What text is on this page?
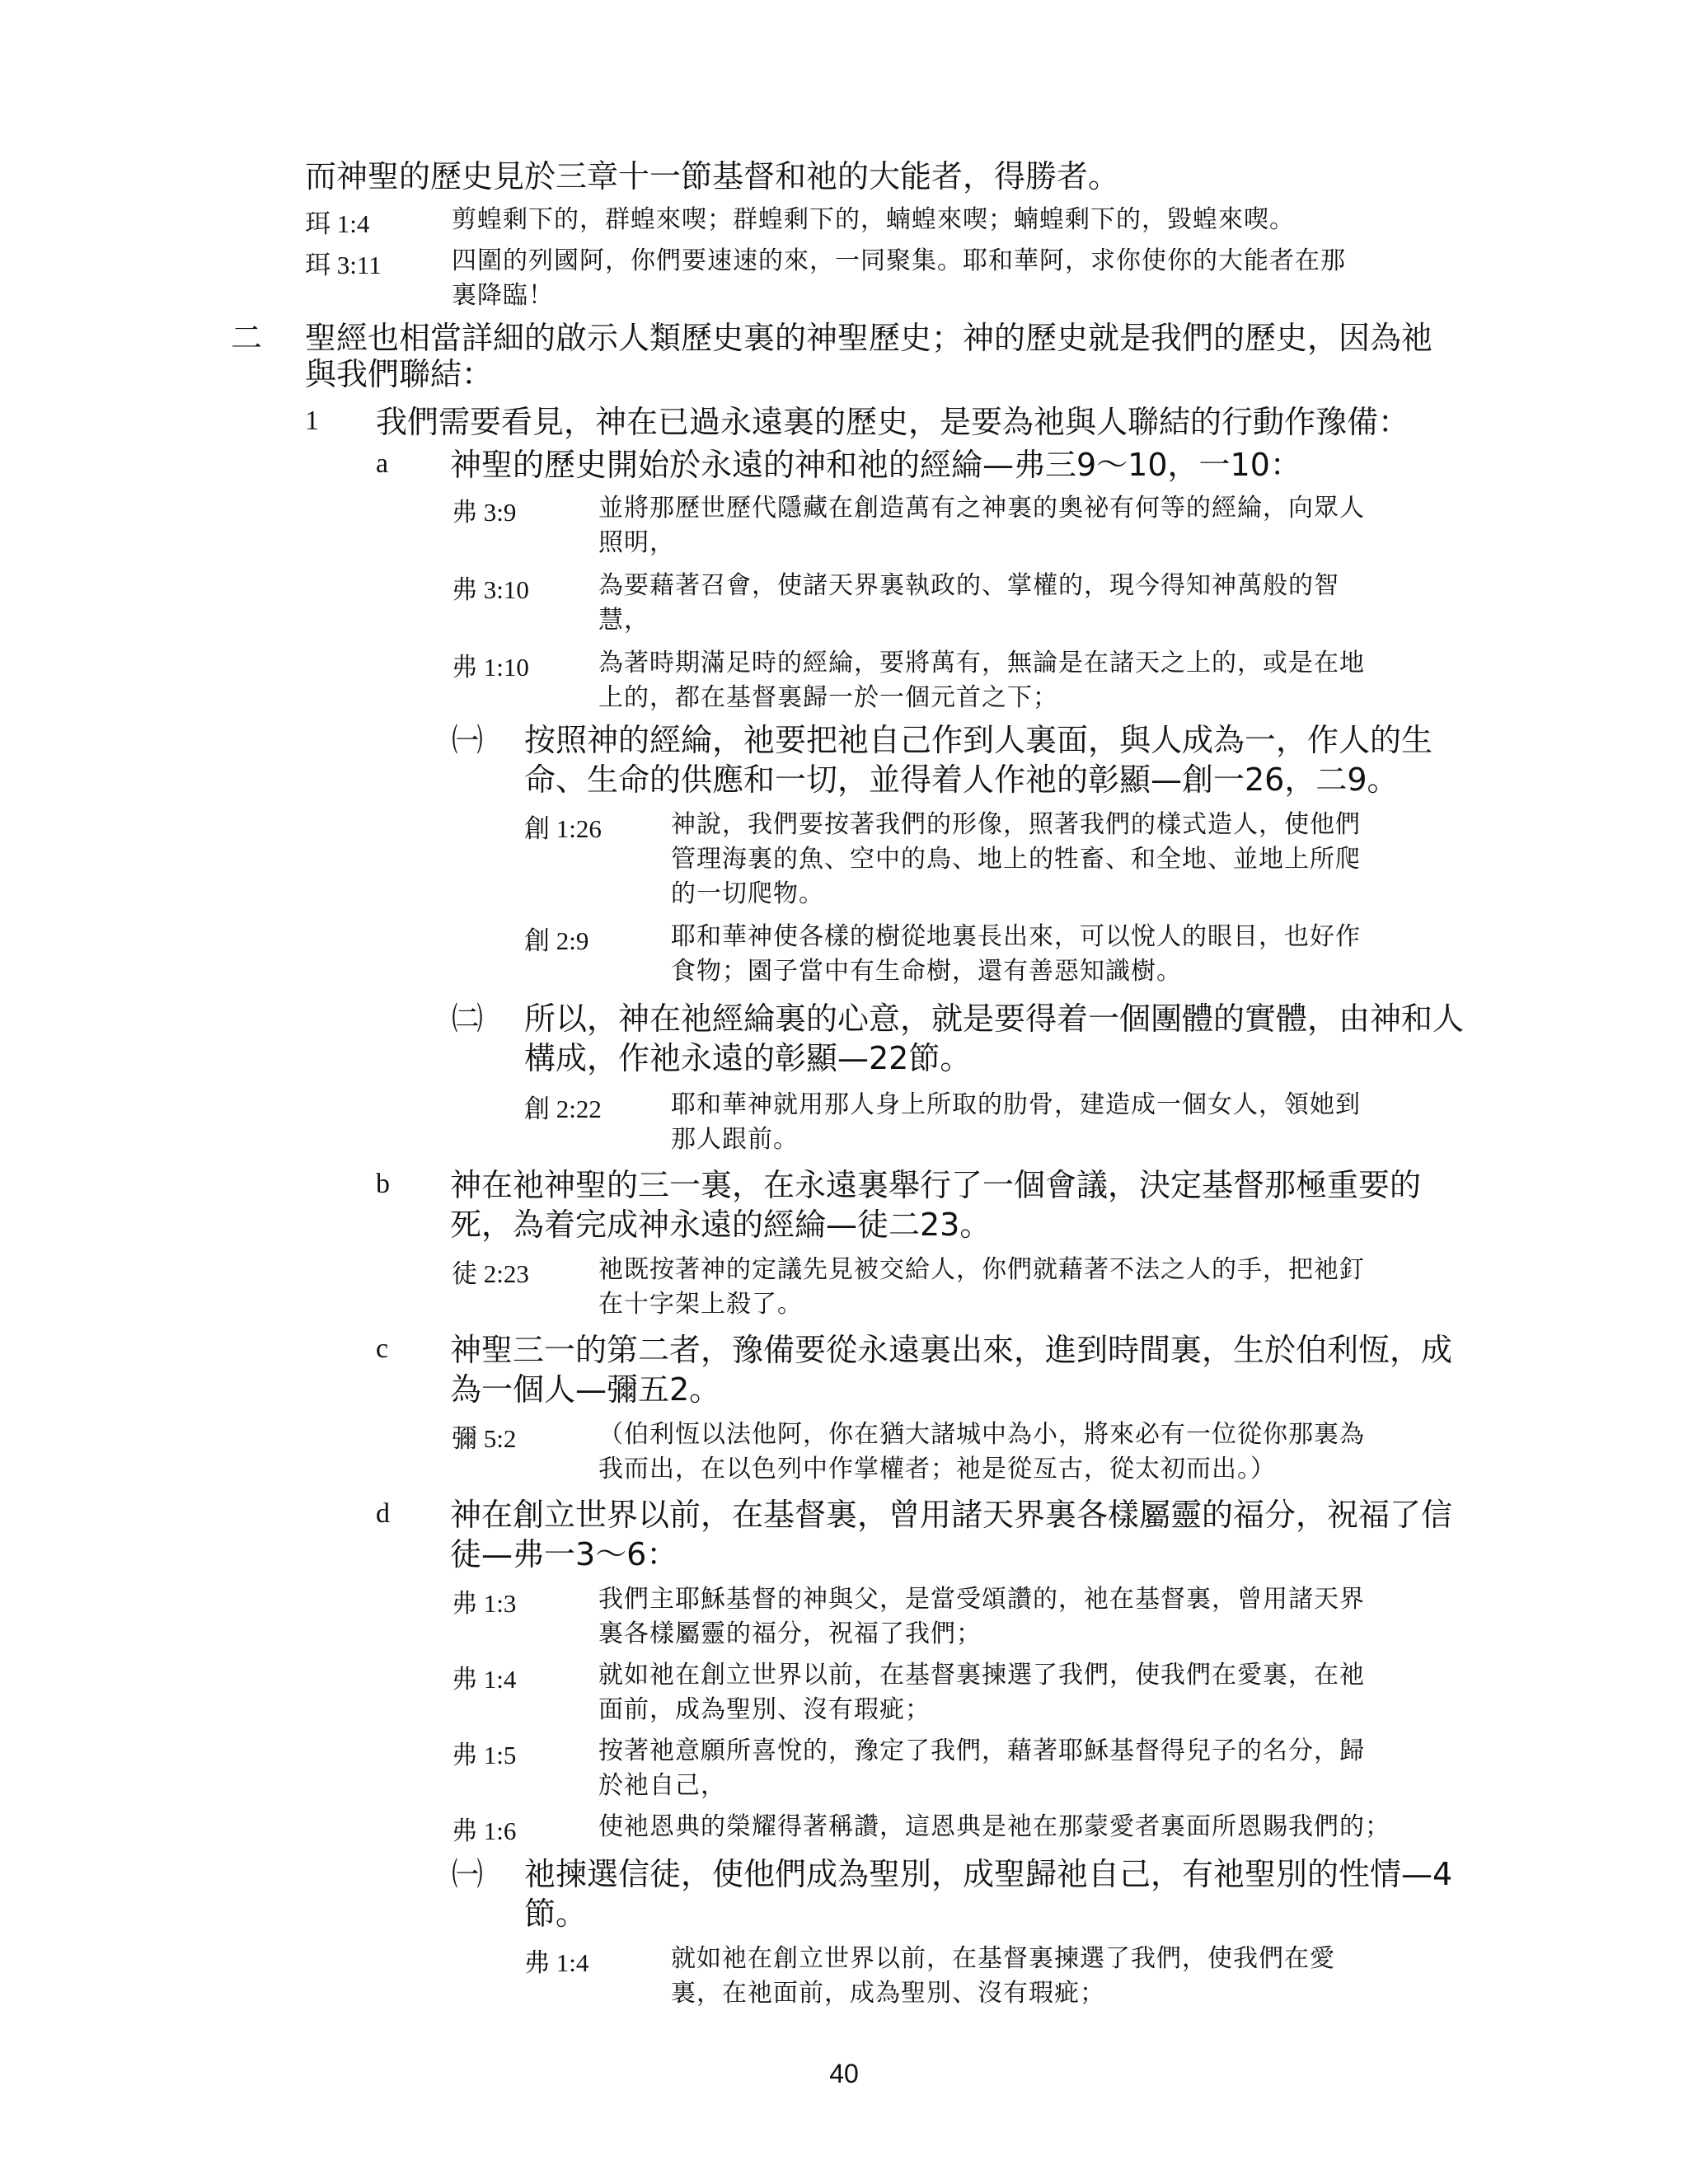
而神聖的歷史見於三章十一節基督和祂的大能者，得勝者。
珥 1:4	剪蝗剩下的，群蝗來喫；群蝗剩下的，蝻蝗來喫；蝻蝗剩下的，毀蝗來喫。
珥 3:11	四圍的列國阿，你們要速速的來，一同聚集。耶和華阿，求你使你的大能者在那
裏降臨！
二 聖經也相當詳細的啟示人類歷史裏的神聖歷史；神的歷史就是我們的歷史，因為祂
與我們聯結：
1 我們需要看見，神在已過永遠裏的歷史，是要為祂與人聯結的行動作豫備：
a 神聖的歷史開始於永遠的神和祂的經綸—弗三9～10，一10：
弗 3:9	並將那歷世歷代隱藏在創造萬有之神裏的奧祕有何等的經綸，向眾人
照明，
弗 3:10	為要藉著召會，使諸天界裏執政的、掌權的，現今得知神萬般的智
慧，
弗 1:10	為著時期滿足時的經綸，要將萬有，無論是在諸天之上的，或是在地
上的，都在基督裏歸一於一個元首之下；
㈠ 按照神的經綸，祂要把祂自己作到人裏面，與人成為一，作人的生
命、生命的供應和一切，並得着人作祂的彰顯—創一26，二9。
創 1:26	神說，我們要按著我們的形像，照著我們的樣式造人，使他們
管理海裏的魚、空中的鳥、地上的牲畜、和全地、並地上所爬
的一切爬物。
創 2:9	耶和華神使各樣的樹從地裏長出來，可以悅人的眼目，也好作
食物；園子當中有生命樹，還有善惡知識樹。
㈡ 所以，神在祂經綸裏的心意，就是要得着一個團體的實體，由神和人
構成，作祂永遠的彰顯—22節。
創 2:22	耶和華神就用那人身上所取的肋骨，建造成一個女人，領她到
那人跟前。
b 神在祂神聖的三一裏，在永遠裏舉行了一個會議，決定基督那極重要的
死，為着完成神永遠的經綸—徒二23。
徒 2:23	祂既按著神的定議先見被交給人，你們就藉著不法之人的手，把祂釘
在十字架上殺了。
c 神聖三一的第二者，豫備要從永遠裏出來，進到時間裏，生於伯利恆，成
為一個人—彌五2。
彌 5:2	（伯利恆以法他阿，你在猶大諸城中為小，將來必有一位從你那裏為
我而出，在以色列中作掌權者；祂是從亙古，從太初而出。）
d 神在創立世界以前，在基督裏，曾用諸天界裏各樣屬靈的福分，祝福了信
徒—弗一3～6：
弗 1:3	我們主耶穌基督的神與父，是當受頌讚的，祂在基督裏，曾用諸天界
裏各樣屬靈的福分，祝福了我們；
弗 1:4	就如祂在創立世界以前，在基督裏揀選了我們，使我們在愛裏，在祂
面前，成為聖別、沒有瑕疵；
弗 1:5	按著祂意願所喜悅的，豫定了我們，藉著耶穌基督得兒子的名分，歸
於祂自己，
弗 1:6	使祂恩典的榮耀得著稱讚，這恩典是祂在那蒙愛者裏面所恩賜我們的；
㈠ 祂揀選信徒，使他們成為聖別，成聖歸祂自己，有祂聖別的性情—4
節。
弗 1:4	就如祂在創立世界以前，在基督裏揀選了我們，使我們在愛
裏，在祂面前，成為聖別、沒有瑕疵；
40
